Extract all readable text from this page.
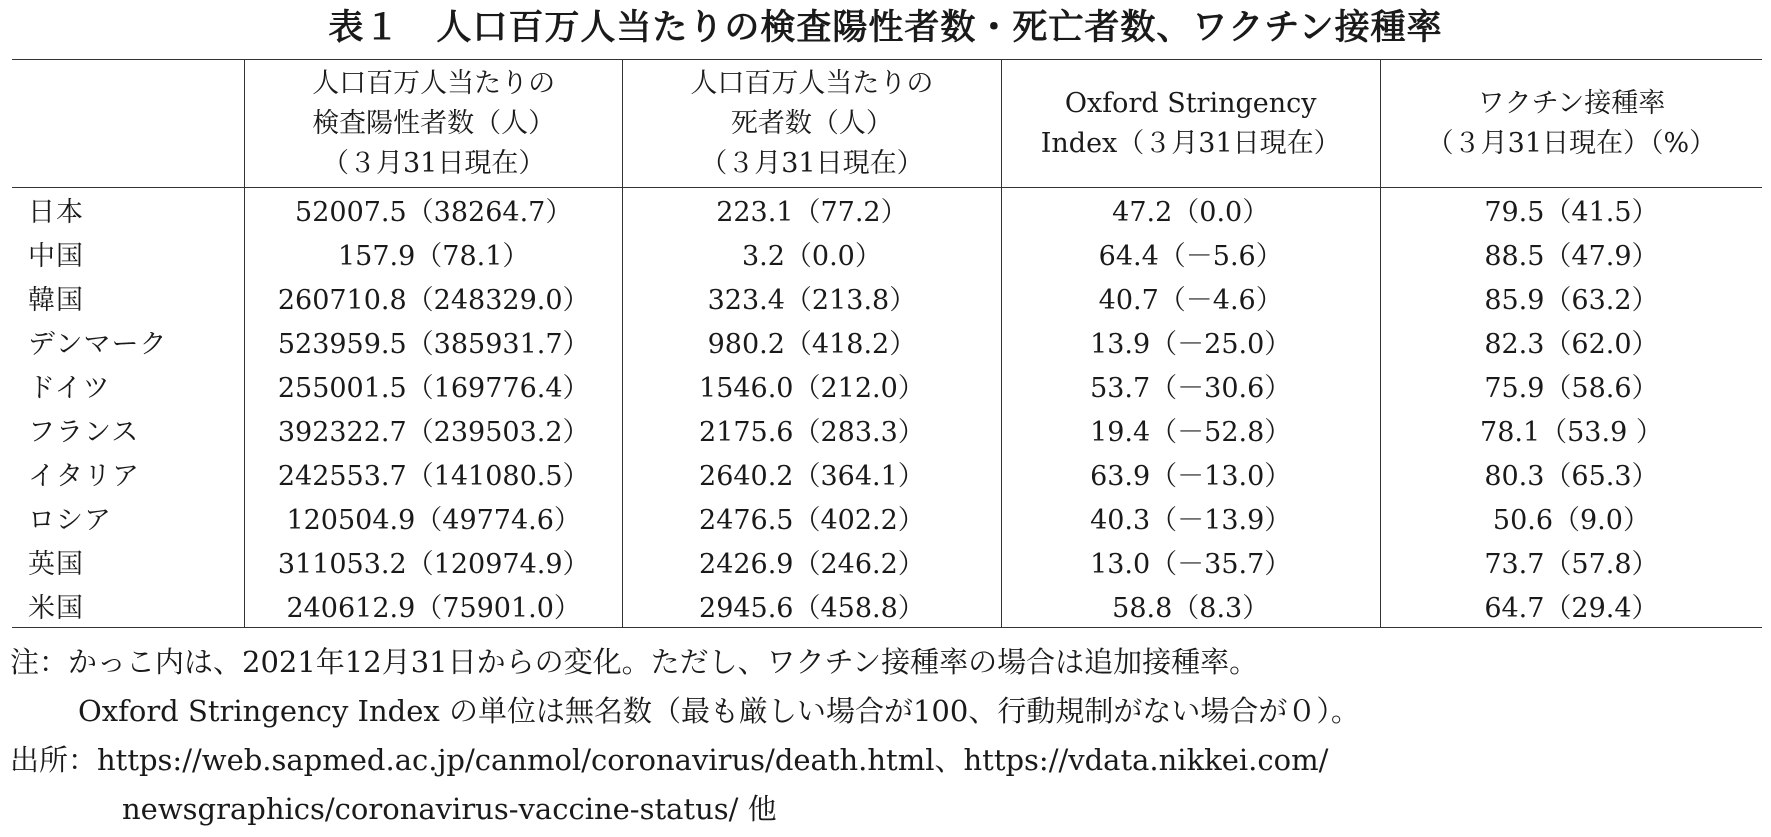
表１　人口百万人当たりの検査陽性者数・死亡者数、ワクチン接種率

	人口百万人当たりの
検査陽性者数（人）
（３月31日現在）	人口百万人当たりの
死者数（人）
（３月31日現在）	Oxford Stringency
Index（３月31日現在）	ワクチン接種率
（３月31日現在）（%）

日本	52007.5（38264.7）	223.1（77.2）	47.2（0.0）	79.5（41.5）
中国	157.9（78.1）	3.2（0.0）	64.4（－5.6）	88.5（47.9）
韓国	260710.8（248329.0）	323.4（213.8）	40.7（－4.6）	85.9（63.2）
デンマーク	523959.5（385931.7）	980.2（418.2）	13.9（－25.0）	82.3（62.0）
ドイツ	255001.5（169776.4）	1546.0（212.0）	53.7（－30.6）	75.9（58.6）
フランス	392322.7（239503.2）	2175.6（283.3）	19.4（－52.8）	78.1（53.9 ）
イタリア	242553.7（141080.5）	2640.2（364.1）	63.9（－13.0）	80.3（65.3）
ロシア	120504.9（49774.6）	2476.5（402.2）	40.3（－13.9）	50.6（9.0）
英国	311053.2（120974.9）	2426.9（246.2）	13.0（－35.7）	73.7（57.8）
米国	240612.9（75901.0）	2945.6（458.8）	58.8（8.3）	64.7（29.4）
注：かっこ内は、2021年12月31日からの変化。ただし、ワクチン接種率の場合は追加接種率。
Oxford Stringency Index の単位は無名数（最も厳しい場合が100、行動規制がない場合が０）。
出所：https://web.sapmed.ac.jp/canmol/coronavirus/death.html、https://vdata.nikkei.com/
newsgraphics/coronavirus-vaccine-status/ 他
